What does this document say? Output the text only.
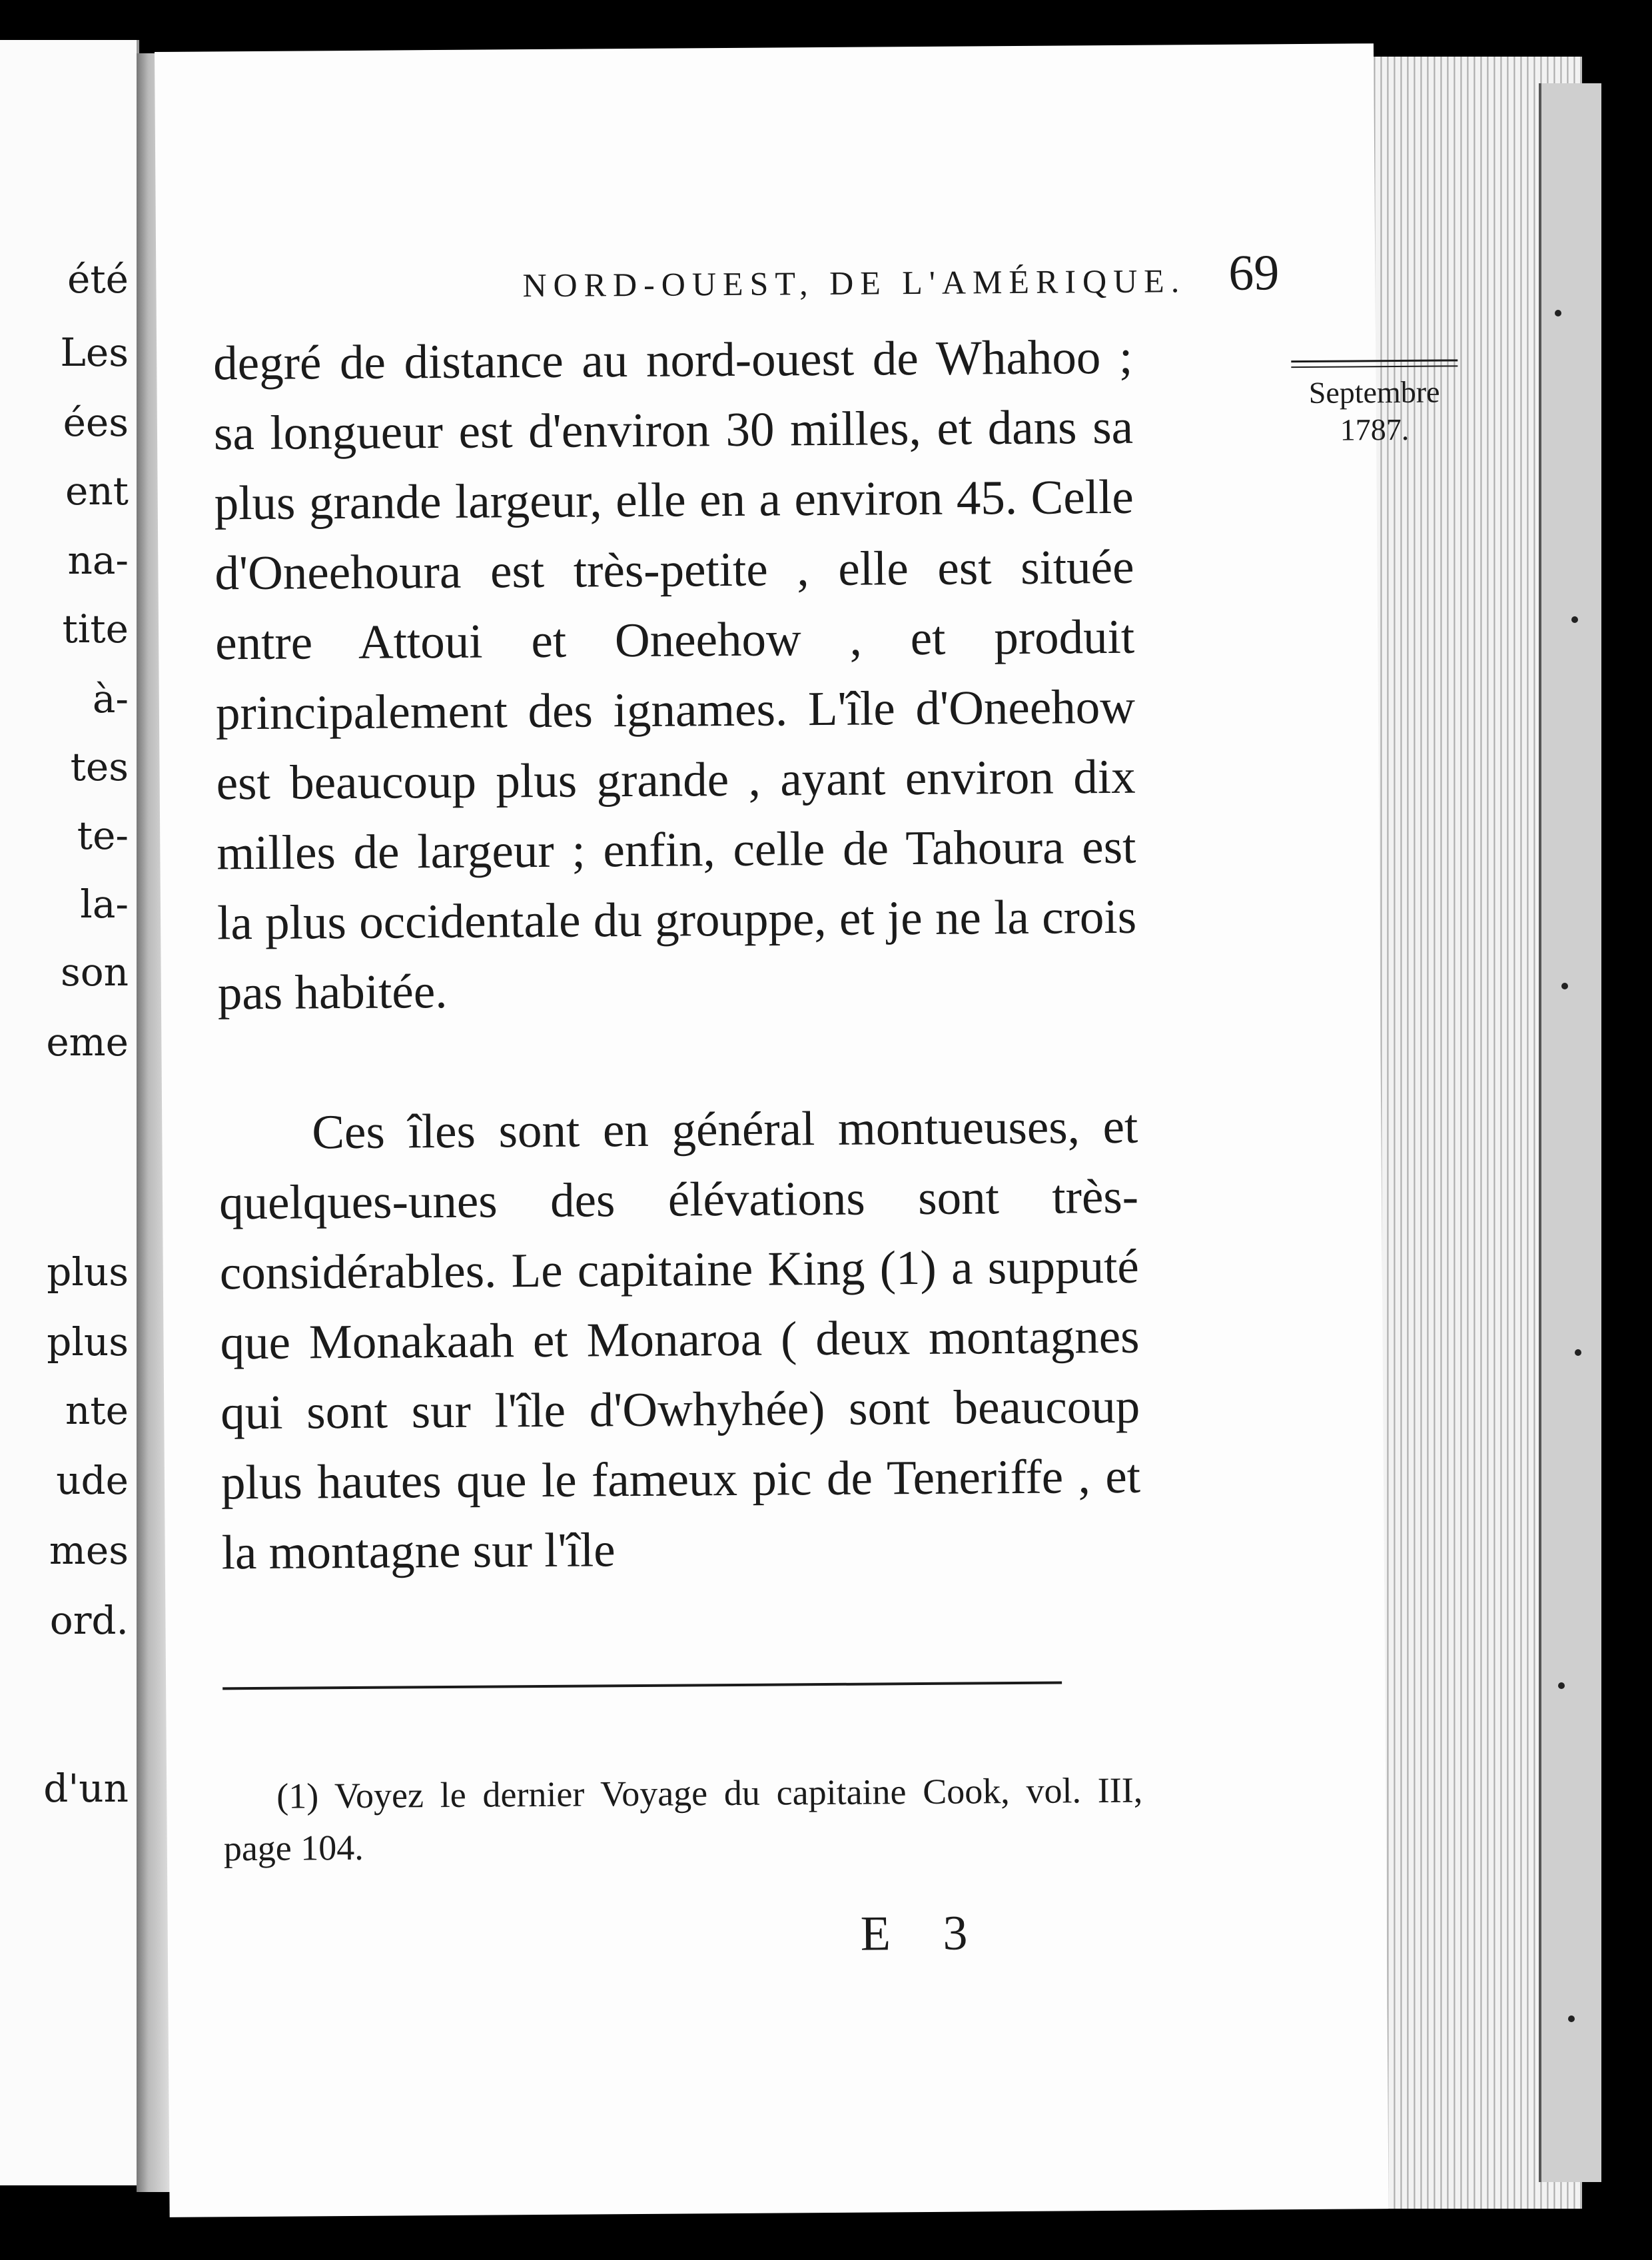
été
Les
ées
ent
na-
tite
à-
tes
te-
la-
son
eme
plus
plus
nte
ude
mes
ord.
d'un
NORD-OUEST, DE L'AMÉRIQUE. 69
Septembre
1787.

degré de distance au nord-ouest de Whahoo ; sa longueur est d'environ 30 milles, et dans sa plus grande largeur, elle en a environ 45. Celle d'Oneehoura est très-petite , elle est située entre Attoui et Oneehow , et produit principalement des ignames. L'île d'Oneehow est beaucoup plus grande , ayant environ dix milles de largeur ; enfin, celle de Tahoura est la plus occidentale du grouppe, et je ne la crois pas habitée.

Ces îles sont en général montueuses, et quelques-unes des élévations sont très-considérables. Le capitaine King (1) a supputé que Monakaah et Monaroa ( deux montagnes qui sont sur l'île d'Owhyhée) sont beaucoup plus hautes que le fameux pic de Teneriffe , et la montagne sur l'île

(1) Voyez le dernier Voyage du capitaine Cook, vol. III, page 104.

E 3
